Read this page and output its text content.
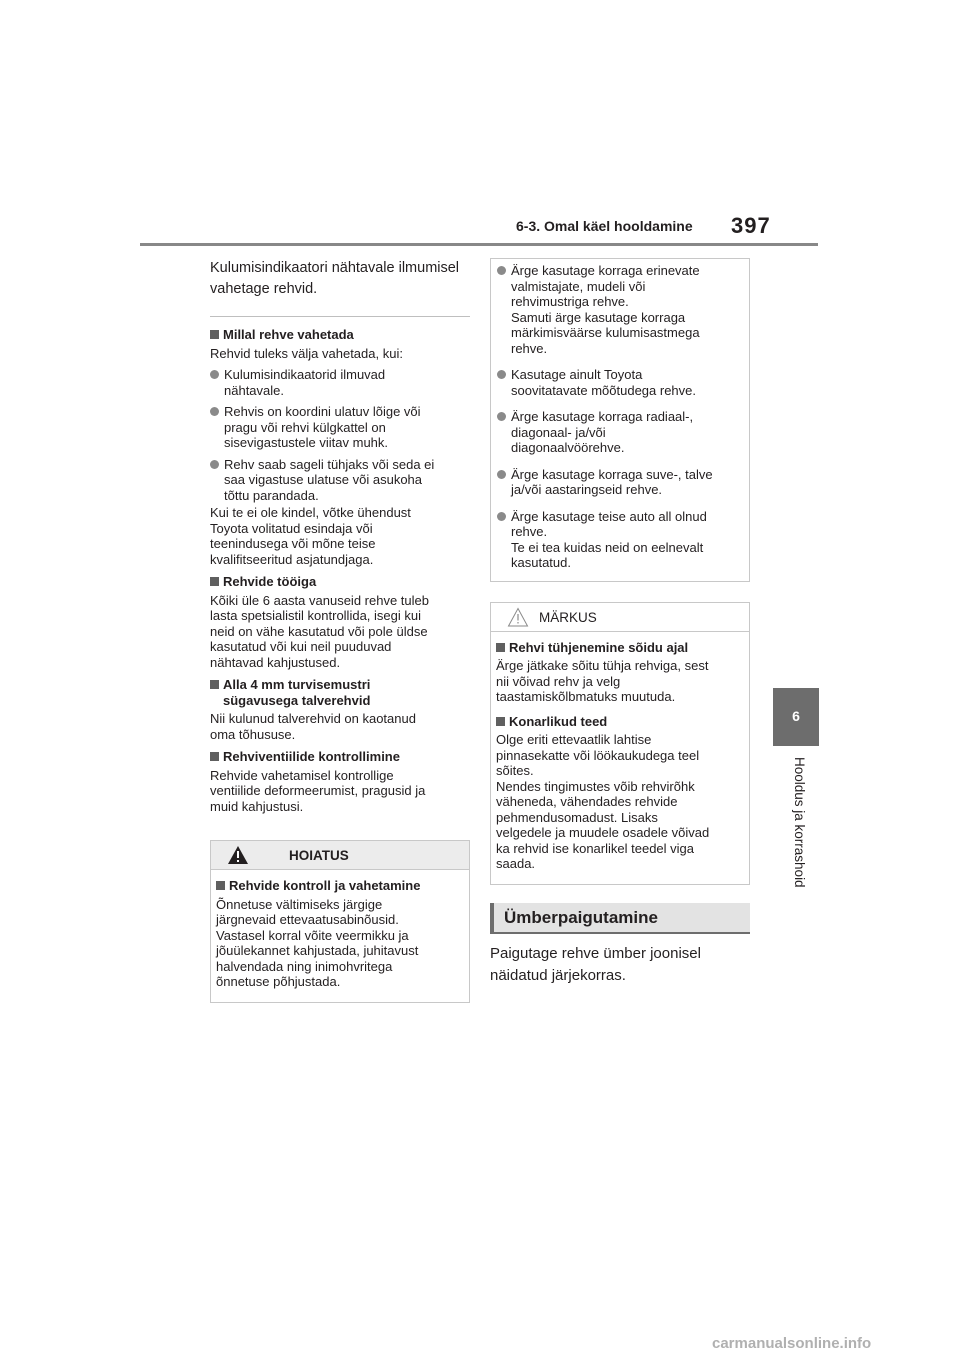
6-3. Omal käel hooldamine 397
6
Hooldus ja korrashoid
Kulumisindikaatori nähtavale ilmumisel
vahetage rehvid.
Millal rehve vahetada
Rehvid tuleks välja vahetada, kui:
Kulumisindikaatorid ilmuvad
nähtavale.
Rehvis on koordini ulatuv lõige või
pragu või rehvi külgkattel on
sisevigastustele viitav muhk.
Rehv saab sageli tühjaks või seda ei
saa vigastuse ulatuse või asukoha
tõttu parandada.
Kui te ei ole kindel, võtke ühendust
Toyota volitatud esindaja või
teenindusega või mõne teise
kvalifitseeritud asjatundjaga.
Rehvide tööiga
Kõiki üle 6 aasta vanuseid rehve tuleb
lasta spetsialistil kontrollida, isegi kui
neid on vähe kasutatud või pole üldse
kasutatud või kui neil puuduvad
nähtavad kahjustused.
Alla 4 mm turvisemustri
sügavusega talverehvid
Nii kulunud talverehvid on kaotanud
oma tõhususe.
Rehviventiilide kontrollimine
Rehvide vahetamisel kontrollige
ventiilide deformeerumist, pragusid ja
muid kahjustusi.
HOIATUS
Rehvide kontroll ja vahetamine
Õnnetuse vältimiseks järgige
järgnevaid ettevaatusabinõusid.
Vastasel korral võite veermikku ja
jõuülekannet kahjustada, juhitavust
halvendada ning inimohvritega
õnnetuse põhjustada.
Ärge kasutage korraga erinevate
valmistajate, mudeli või
rehvimustriga rehve.
Samuti ärge kasutage korraga
märkimisväärse kulumisastmega
rehve.
Kasutage ainult Toyota
soovitatavate mõõtudega rehve.
Ärge kasutage korraga radiaal-,
diagonaal- ja/või
diagonaalvöörehve.
Ärge kasutage korraga suve-, talve
ja/või aastaringseid rehve.
Ärge kasutage teise auto all olnud
rehve.
Te ei tea kuidas neid on eelnevalt
kasutatud.
MÄRKUS
Rehvi tühjenemine sõidu ajal
Ärge jätkake sõitu tühja rehviga, sest
nii võivad rehv ja velg
taastamiskõlbmatuks muutuda.
Konarlikud teed
Olge eriti ettevaatlik lahtise
pinnasekatte või löökaukudega teel
sõites.
Nendes tingimustes võib rehvirõhk
väheneda, vähendades rehvide
pehmendusomadust. Lisaks
velgedele ja muudele osadele võivad
ka rehvid ise konarlikel teedel viga
saada.
Ümberpaigutamine
Paigutage rehve ümber joonisel
näidatud järjekorras.
carmanualsonline.info
